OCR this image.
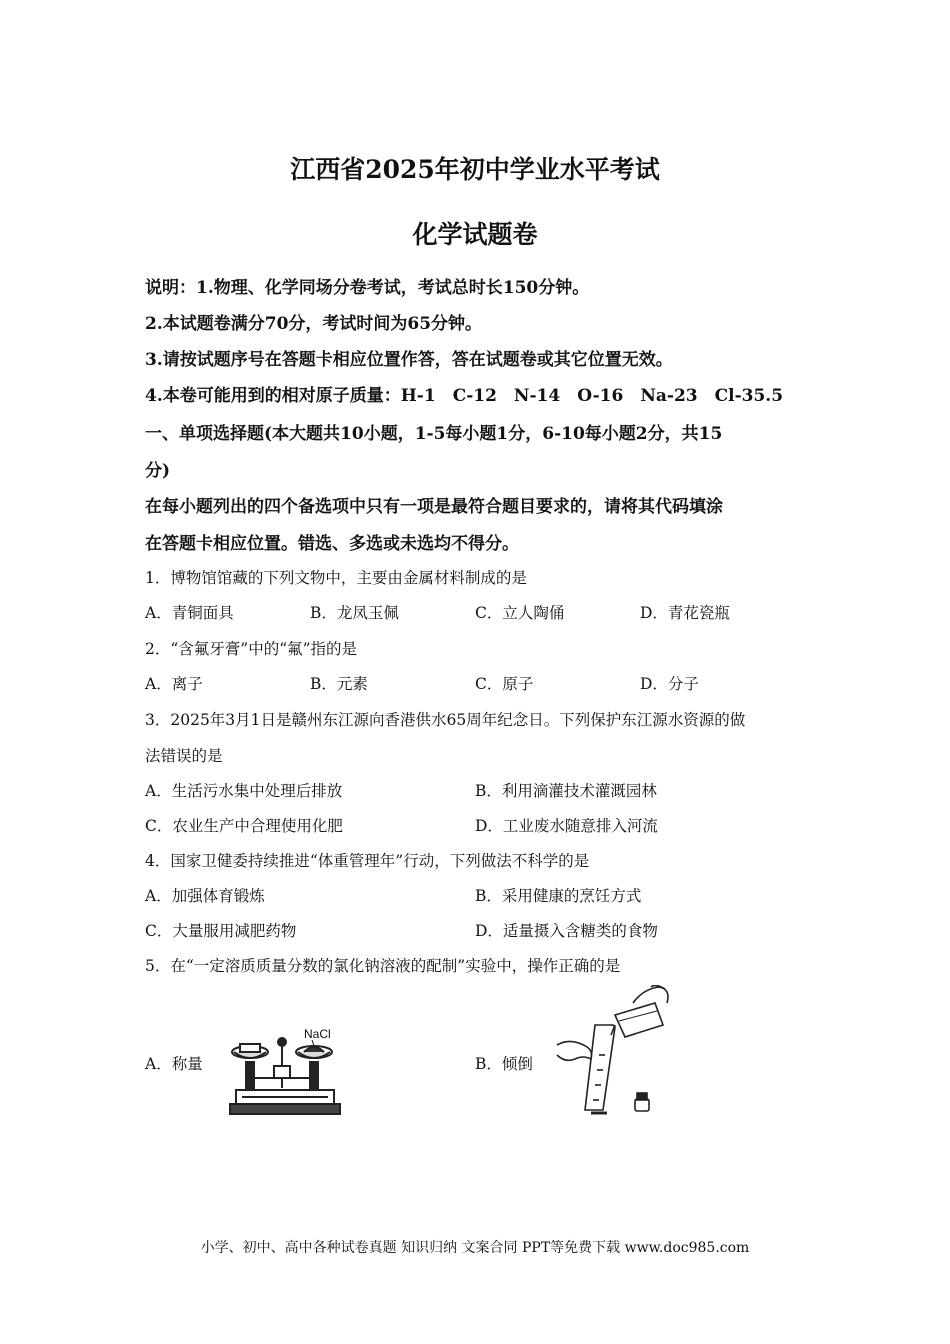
江西省2025年初中学业水平考试
化学试题卷
说明：1.物理、化学同场分卷考试，考试总时长150分钟。
2.本试题卷满分70分，考试时间为65分钟。
3.请按试题序号在答题卡相应位置作答，答在试题卷或其它位置无效。
4.本卷可能用到的相对原子质量：H-1　C-12　N-14　O-16　Na-23　Cl-35.5
一、单项选择题(本大题共10小题，1-5每小题1分，6-10每小题2分，共15
分)
在每小题列出的四个备选项中只有一项是最符合题目要求的，请将其代码填涂
在答题卡相应位置。错选、多选或未选均不得分。
1．博物馆馆藏的下列文物中，主要由金属材料制成的是
A．青铜面具	B．龙凤玉佩	C．立人陶俑	D．青花瓷瓶
2．“含氟牙膏”中的“氟”指的是
A．离子	B．元素	C．原子	D．分子
3．2025年3月1日是赣州东江源向香港供水65周年纪念日。下列保护东江源水资源的做
法错误的是
A．生活污水集中处理后排放	B．利用滴灌技术灌溉园林
C．农业生产中合理使用化肥	D．工业废水随意排入河流
4．国家卫健委持续推进“体重管理年”行动，下列做法不科学的是
A．加强体育锻炼	B．采用健康的烹饪方式
C．大量服用减肥药物	D．适量摄入含糖类的食物
5．在“一定溶质质量分数的氯化钠溶液的配制”实验中，操作正确的是
A．称量	B．倾倒
NaCl
小学、初中、高中各种试卷真题 知识归纳 文案合同 PPT等免费下载 www.doc985.com
